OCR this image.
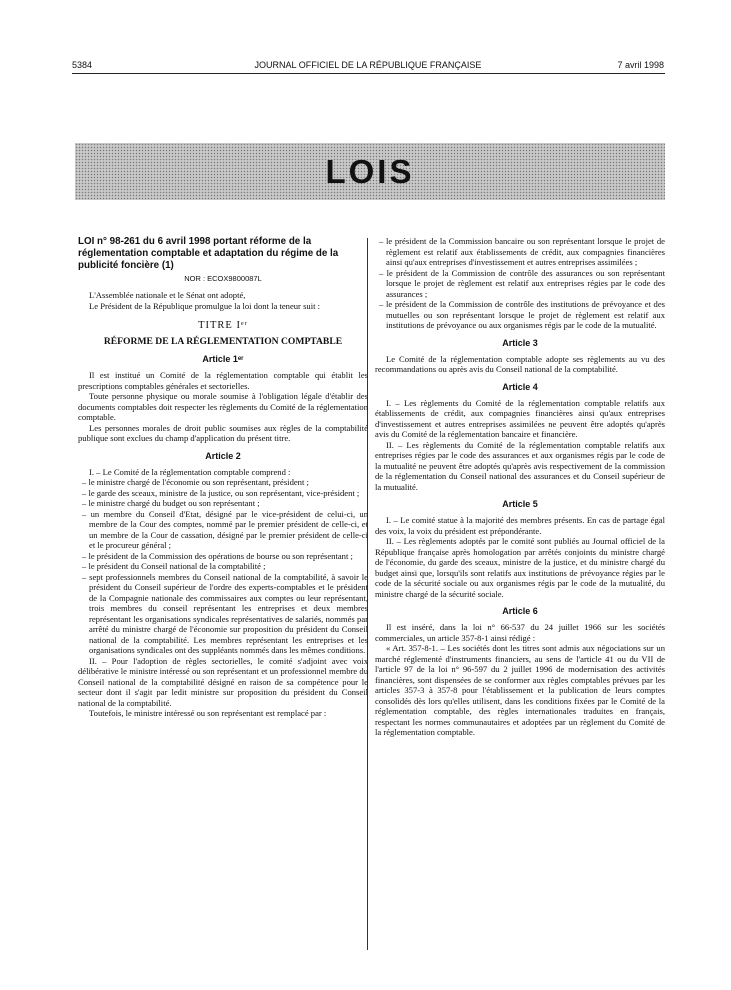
5384	JOURNAL OFFICIEL DE LA RÉPUBLIQUE FRANÇAISE	7 avril 1998
LOIS

LOI n° 98-261 du 6 avril 1998 portant réforme de la réglementation comptable et adaptation du régime de la publicité foncière (1)

NOR : ECOX9800087L

L'Assemblée nationale et le Sénat ont adopté,

Le Président de la République promulgue la loi dont la teneur suit :

TITRE Iᵉʳ

RÉFORME DE LA RÉGLEMENTATION COMPTABLE

Article 1ᵉʳ

Il est institué un Comité de la réglementation comptable qui établit les prescriptions comptables générales et sectorielles.

Toute personne physique ou morale soumise à l'obligation légale d'établir des documents comptables doit respecter les règlements du Comité de la réglementation comptable.

Les personnes morales de droit public soumises aux règles de la comptabilité publique sont exclues du champ d'application du présent titre.

Article 2

I. – Le Comité de la réglementation comptable comprend :

– le ministre chargé de l'économie ou son représentant, président ;

– le garde des sceaux, ministre de la justice, ou son représentant, vice-président ;

– le ministre chargé du budget ou son représentant ;

– un membre du Conseil d'Etat, désigné par le vice-président de celui-ci, un membre de la Cour des comptes, nommé par le premier président de celle-ci, et un membre de la Cour de cassation, désigné par le premier président de celle-ci et le procureur général ;

– le président de la Commission des opérations de bourse ou son représentant ;

– le président du Conseil national de la comptabilité ;

– sept professionnels membres du Conseil national de la comptabilité, à savoir le président du Conseil supérieur de l'ordre des experts-comptables et le président de la Compagnie nationale des commissaires aux comptes ou leur représentant, trois membres du conseil représentant les entreprises et deux membres représentant les organisations syndicales représentatives de salariés, nommés par arrêté du ministre chargé de l'économie sur proposition du président du Conseil national de la comptabilité. Les membres représentant les entreprises et les organisations syndicales ont des suppléants nommés dans les mêmes conditions.

II. – Pour l'adoption de règles sectorielles, le comité s'adjoint avec voix délibérative le ministre intéressé ou son représentant et un professionnel membre du Conseil national de la comptabilité désigné en raison de sa compétence pour le secteur dont il s'agit par ledit ministre sur proposition du président du Conseil national de la comptabilité.

Toutefois, le ministre intéressé ou son représentant est remplacé par :

– le président de la Commission bancaire ou son représentant lorsque le projet de règlement est relatif aux établissements de crédit, aux compagnies financières ainsi qu'aux entreprises d'investissement et autres entreprises assimilées ;

– le président de la Commission de contrôle des assurances ou son représentant lorsque le projet de règlement est relatif aux entreprises régies par le code des assurances ;

– le président de la Commission de contrôle des institutions de prévoyance et des mutuelles ou son représentant lorsque le projet de règlement est relatif aux institutions de prévoyance ou aux organismes régis par le code de la mutualité.

Article 3

Le Comité de la réglementation comptable adopte ses règlements au vu des recommandations ou après avis du Conseil national de la comptabilité.

Article 4

I. – Les règlements du Comité de la réglementation comptable relatifs aux établissements de crédit, aux compagnies financières ainsi qu'aux entreprises d'investissement et autres entreprises assimilées ne peuvent être adoptés qu'après avis du Comité de la réglementation bancaire et financière.

II. – Les règlements du Comité de la réglementation comptable relatifs aux entreprises régies par le code des assurances et aux organismes régis par le code de la mutualité ne peuvent être adoptés qu'après avis respectivement de la commission de la réglementation du Conseil national des assurances et du Conseil supérieur de la mutualité.

Article 5

I. – Le comité statue à la majorité des membres présents. En cas de partage égal des voix, la voix du président est prépondérante.

II. – Les règlements adoptés par le comité sont publiés au Journal officiel de la République française après homologation par arrêtés conjoints du ministre chargé de l'économie, du garde des sceaux, ministre de la justice, et du ministre chargé du budget ainsi que, lorsqu'ils sont relatifs aux institutions de prévoyance régies par le code de la sécurité sociale ou aux organismes régis par le code de la mutualité, du ministre chargé de la sécurité sociale.

Article 6

Il est inséré, dans la loi n° 66-537 du 24 juillet 1966 sur les sociétés commerciales, un article 357-8-1 ainsi rédigé :

« Art. 357-8-1. – Les sociétés dont les titres sont admis aux négociations sur un marché réglementé d'instruments financiers, au sens de l'article 41 ou du VII de l'article 97 de la loi n° 96-597 du 2 juillet 1996 de modernisation des activités financières, sont dispensées de se conformer aux règles comptables prévues par les articles 357-3 à 357-8 pour l'établissement et la publication de leurs comptes consolidés dès lors qu'elles utilisent, dans les conditions fixées par le Comité de la réglementation comptable, des règles internationales traduites en français, respectant les normes communautaires et adoptées par un règlement du Comité de la réglementation comptable.
